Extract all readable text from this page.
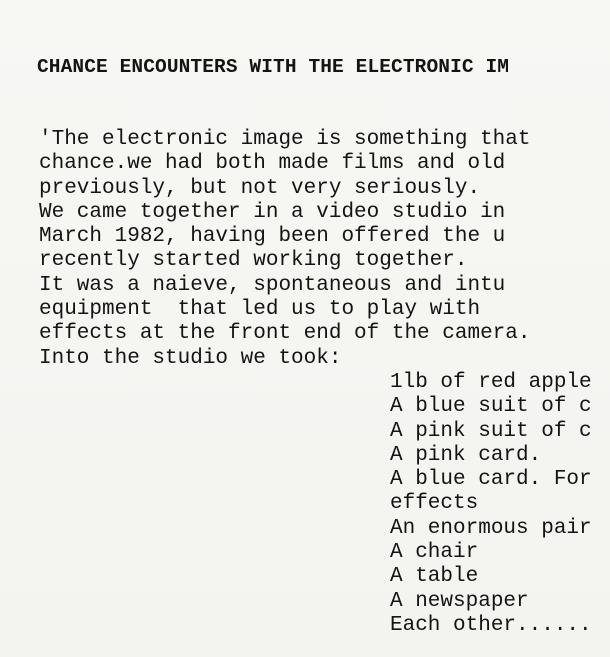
CHANCE ENCOUNTERS WITH THE ELECTRONIC IM
'The electronic image is something that
chance.we had both made films and old
previously, but not very seriously.
We came together in a video studio in
March 1982, having been offered the u
recently started working together.
It was a naieve, spontaneous and intu
equipment  that led us to play with
effects at the front end of the camera.
Into the studio we took:
1lb of red apple
A blue suit of c
A pink suit of c
A pink card.
A blue card. For
effects
An enormous pair
A chair
A table
A newspaper
Each other......
